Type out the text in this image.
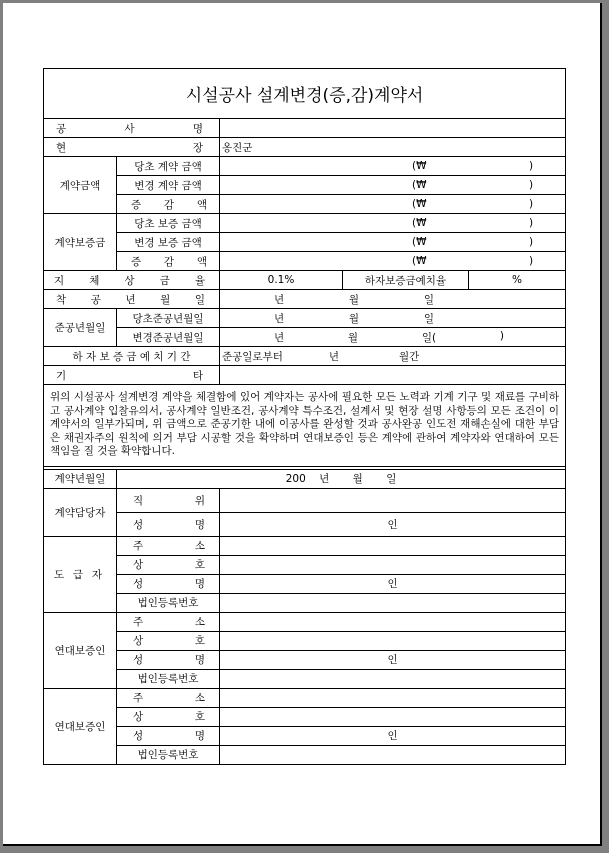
시설공사 설계변경(증,감)계약서				

공 사 명				

현 장		옹진군		
계약금액	당초 계약 금액	(₩ )		

	변경 계약 금액	(₩ )		

	증 감 액	(₩ )		

계약보증금	당초 보증 금액	(₩ )		

	변경 보증 금액	(₩ )		

	증 감 액	(₩ )		

지 체 상 금 율		0.1%	하자보증금예치율	%

착 공 년 월 일		년 월 일		

준공년월일	당초준공년월일	년 월 일		

	변경준공년월일	년 월 일( )		

하 자 보 증 금 예 치 기 간		준공일로부터 년 월간		

기 타				

위의 시설공사 설계변경 계약을 체결함에 있어 계약자는 공사에 필요한 모든 노력과 기계 기구 및 재료를 구비하고 공사계약 입찰유의서, 공사계약 일반조건, 공사계약 특수조건, 설계서 및 현장 설명 사항등의 모든 조건이 이 계약서의 일부가되며, 위 금액으로 준공기한 내에 이공사를 완성할 것과 공사완공 인도전 재해손실에 대한 부담은 채권자주의 원칙에 의거 부담 시공할 것을 확약하며 연대보증인 등은 계약에 관하여 계약자와 연대하여 모든 책임을 질 것을 확약합니다.				

계약년월일	200 년 월 일			
계약담당자	직 위			

	성 명	인		

도 급 자	주 소			

	상 호			

	성 명	인		
	법인등록번호			
연대보증인	주 소			

	상 호			

	성 명	인		
	법인등록번호			
연대보증인	주 소			

	상 호			

	성 명	인		
	법인등록번호			
